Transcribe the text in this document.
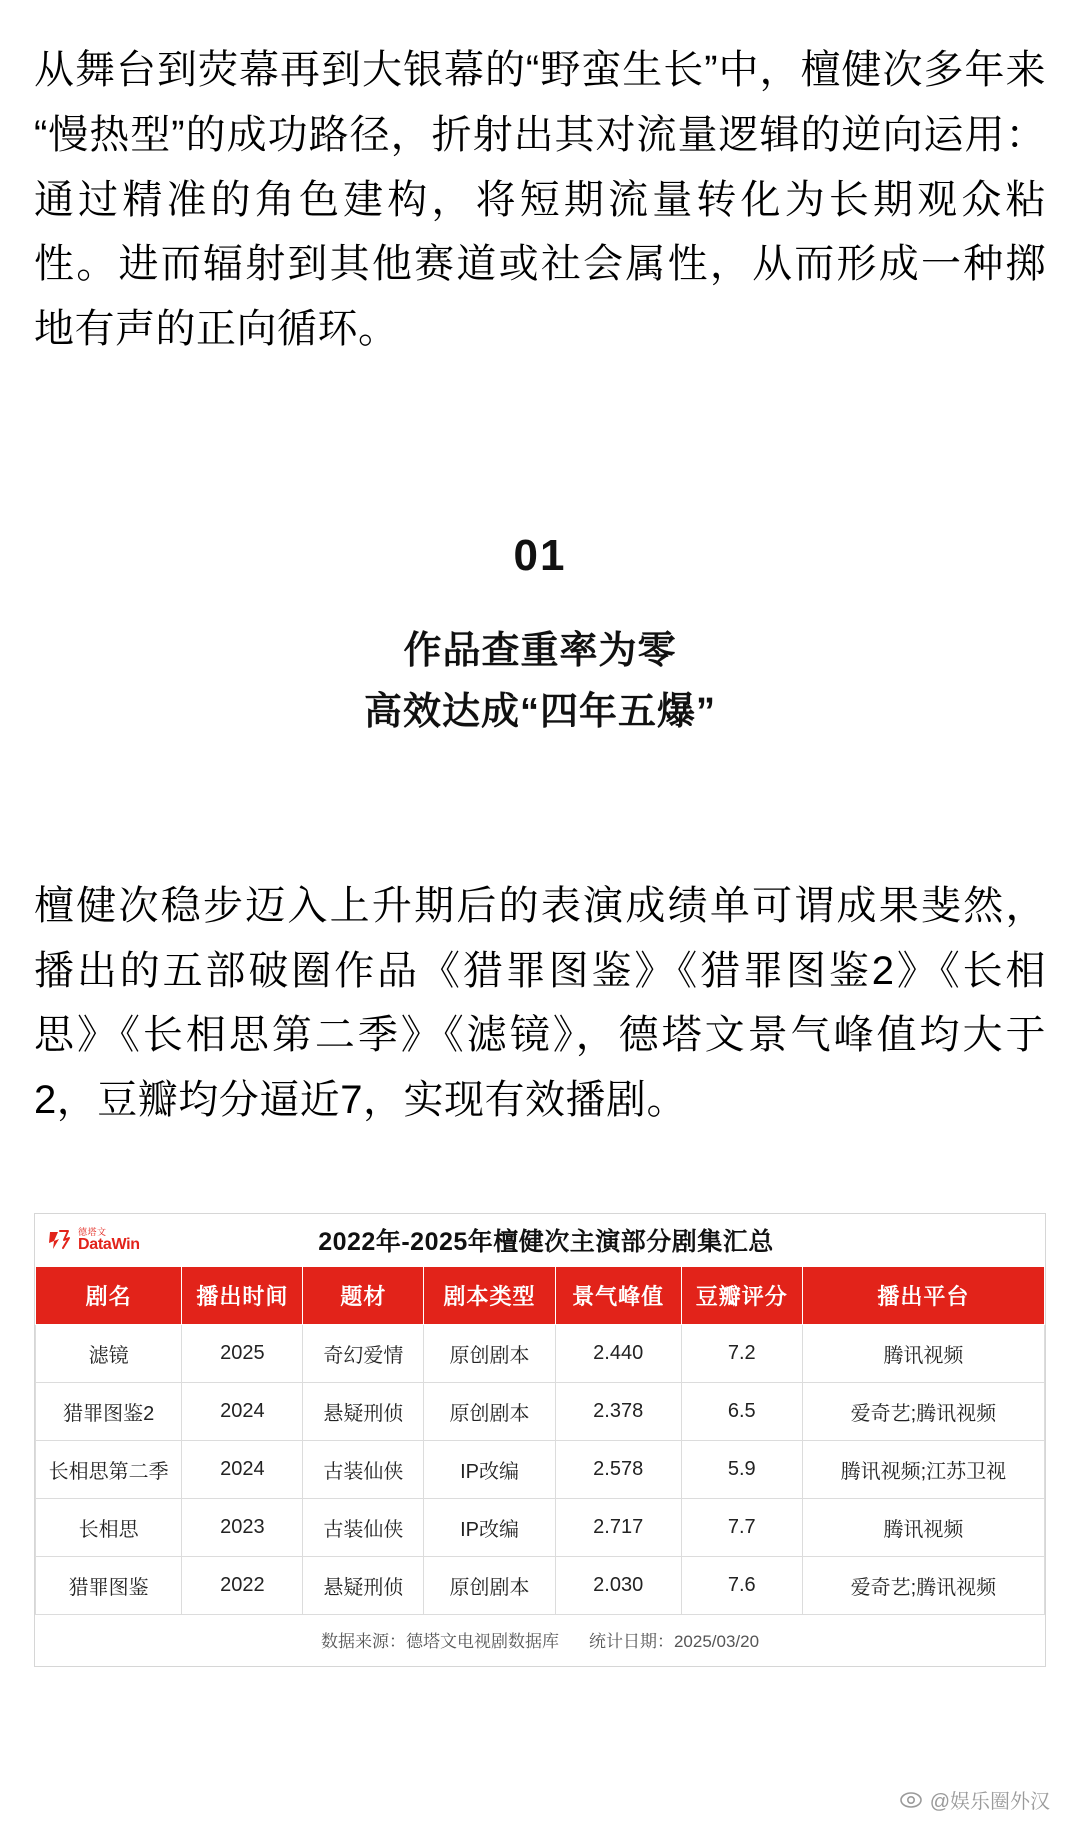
从舞台到荧幕再到大银幕的“野蛮生长”中，檀健次多年来“慢热型”的成功路径，折射出其对流量逻辑的逆向运用：通过精准的角色建构，将短期流量转化为长期观众粘性。进而辐射到其他赛道或社会属性，从而形成一种掷地有声的正向循环。

01
作品查重率为零
高效达成“四年五爆”

檀健次稳步迈入上升期后的表演成绩单可谓成果斐然，播出的五部破圈作品《猎罪图鉴》《猎罪图鉴2》《长相思》《长相思第二季》《滤镜》，德塔文景气峰值均大于2，豆瓣均分逼近7，实现有效播剧。

德塔文
DataWin	2022年-2025年檀健次主演部分剧集汇总
剧名	播出时间	题材	剧本类型	景气峰值	豆瓣评分	播出平台
滤镜	2025	奇幻爱情	原创剧本	2.440	7.2	腾讯视频
猎罪图鉴2	2024	悬疑刑侦	原创剧本	2.378	6.5	爱奇艺;腾讯视频
长相思第二季	2024	古装仙侠	IP改编	2.578	5.9	腾讯视频;江苏卫视
长相思	2023	古装仙侠	IP改编	2.717	7.7	腾讯视频
猎罪图鉴	2022	悬疑刑侦	原创剧本	2.030	7.6	爱奇艺;腾讯视频
数据来源：德塔文电视剧数据库 统计日期：2025/03/20
@娱乐圈外汉
